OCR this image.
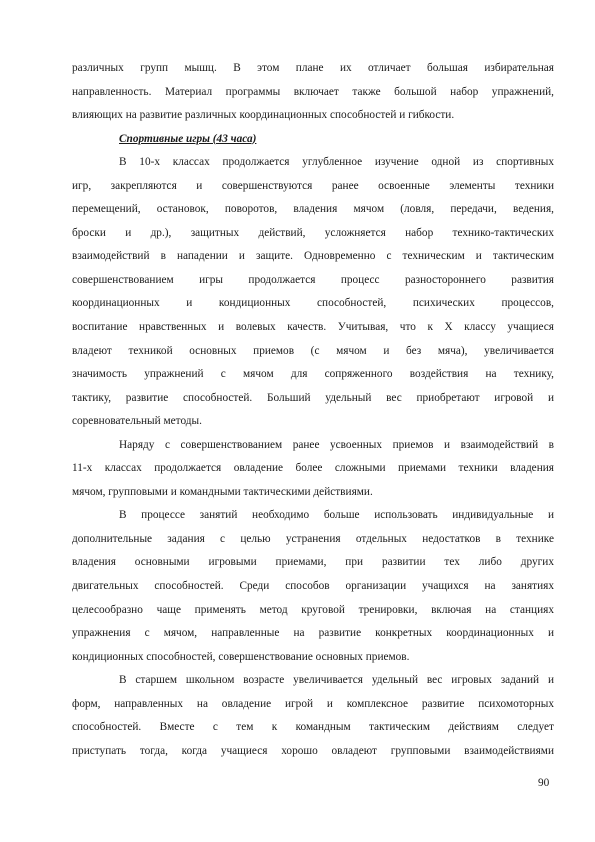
различных групп мышц. В этом плане их отличает большая избирательная
направленность. Материал программы включает также большой набор упражнений,
влияющих на развитие различных координационных способностей и гибкости.
Спортивные игры (43 часа)
В 10-х классах продолжается углубленное изучение одной из спортивных
игр, закрепляются и совершенствуются ранее освоенные элементы техники
перемещений, остановок, поворотов, владения мячом (ловля, передачи, ведения,
броски и др.), защитных действий, усложняется набор технико-тактических
взаимодействий в нападении и защите. Одновременно с техническим и тактическим
совершенствованием игры продолжается процесс разностороннего развития
координационных и кондиционных способностей, психических процессов,
воспитание нравственных и волевых качеств. Учитывая, что к X классу учащиеся
владеют техникой основных приемов (с мячом и без мяча), увеличивается
значимость упражнений с мячом для сопряженного воздействия на технику,
тактику, развитие способностей. Больший удельный вес приобретают игровой и
соревновательный методы.
Наряду с совершенствованием ранее усвоенных приемов и взаимодействий в
11-х классах продолжается овладение более сложными приемами техники владения
мячом, групповыми и командными тактическими действиями.
В процессе занятий необходимо больше использовать индивидуальные и
дополнительные задания с целью устранения отдельных недостатков в технике
владения основными игровыми приемами, при развитии тех либо других
двигательных способностей. Среди способов организации учащихся на занятиях
целесообразно чаще применять метод круговой тренировки, включая на станциях
упражнения с мячом, направленные на развитие конкретных координационных и
кондиционных способностей, совершенствование основных приемов.
В старшем школьном возрасте увеличивается удельный вес игровых заданий и
форм, направленных на овладение игрой и комплексное развитие психомоторных
способностей. Вместе с тем к командным тактическим действиям следует
приступать тогда, когда учащиеся хорошо овладеют групповыми взаимодействиями
90
